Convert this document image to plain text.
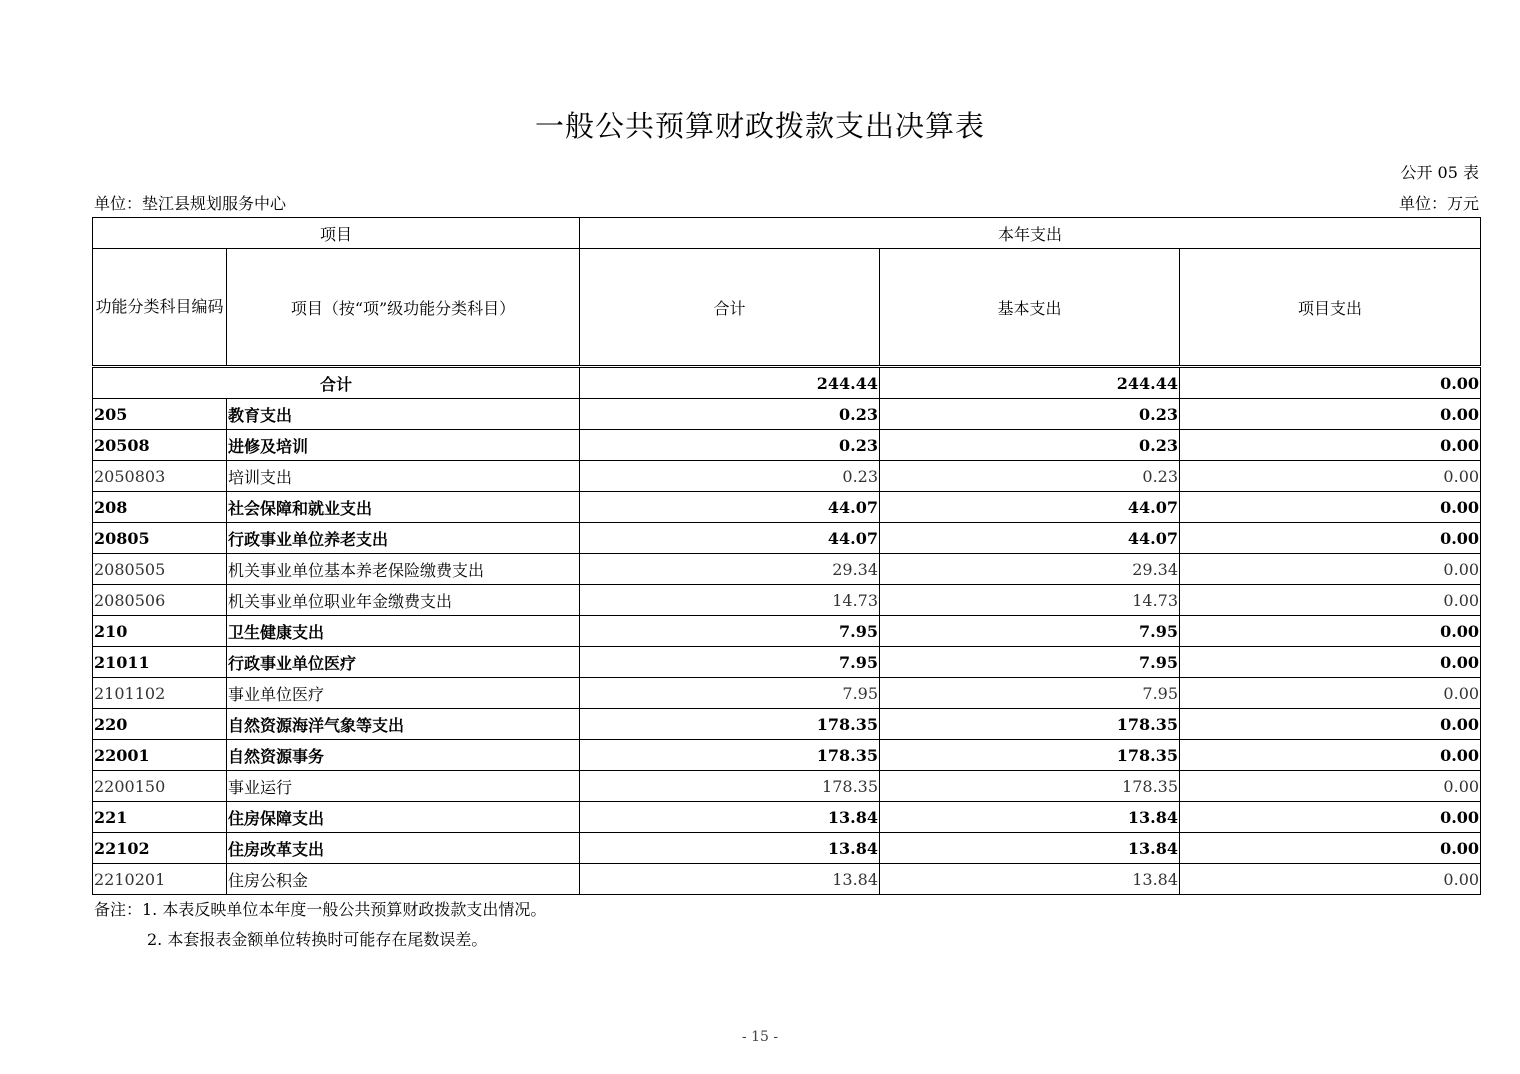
一般公共预算财政拨款支出决算表
公开 05 表
单位：垫江县规划服务中心	单位：万元
项目		本年支出		
功能分类科目编码	项目（按“项”级功能分类科目）	合计	基本支出	项目支出
合计		244.44	244.44	0.00
205	教育支出	0.23	0.23	0.00
20508	进修及培训	0.23	0.23	0.00
2050803	培训支出	0.23	0.23	0.00
208	社会保障和就业支出	44.07	44.07	0.00
20805	行政事业单位养老支出	44.07	44.07	0.00
2080505	机关事业单位基本养老保险缴费支出	29.34	29.34	0.00
2080506	机关事业单位职业年金缴费支出	14.73	14.73	0.00
210	卫生健康支出	7.95	7.95	0.00
21011	行政事业单位医疗	7.95	7.95	0.00
2101102	事业单位医疗	7.95	7.95	0.00
220	自然资源海洋气象等支出	178.35	178.35	0.00
22001	自然资源事务	178.35	178.35	0.00
2200150	事业运行	178.35	178.35	0.00
221	住房保障支出	13.84	13.84	0.00
22102	住房改革支出	13.84	13.84	0.00
2210201	住房公积金	13.84	13.84	0.00
备注：1. 本表反映单位本年度一般公共预算财政拨款支出情况。
2. 本套报表金额单位转换时可能存在尾数误差。
- 15 -
